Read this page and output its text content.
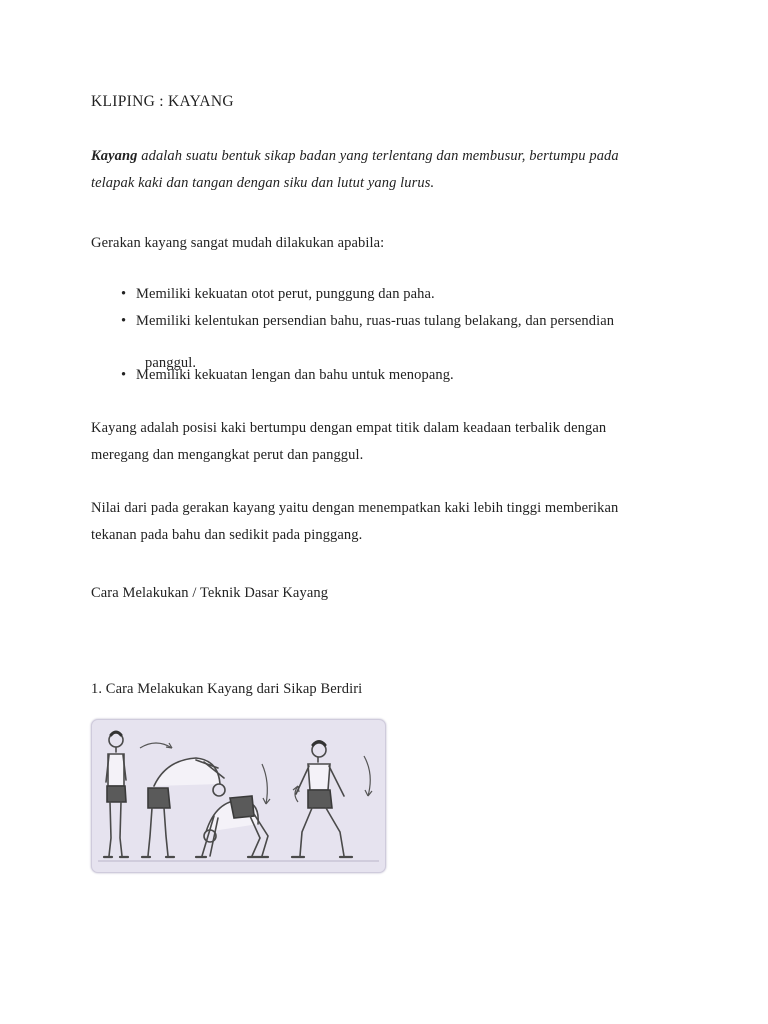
KLIPING : KAYANG

Kayang adalah suatu bentuk sikap badan yang terlentang dan membusur, bertumpu pada

telapak kaki dan tangan dengan siku dan lutut yang lurus.

Gerakan kayang sangat mudah dilakukan apabila:

• Memiliki kekuatan otot perut, punggung dan paha.
• Memiliki kelentukan persendian bahu, ruas-ruas tulang belakang, dan persendian
• Memiliki kekuatan lengan dan bahu untuk menopang.

panggul.

Kayang adalah posisi kaki bertumpu dengan empat titik dalam keadaan terbalik dengan

meregang dan mengangkat perut dan panggul.

Nilai dari pada gerakan kayang yaitu dengan menempatkan kaki lebih tinggi memberikan

tekanan pada bahu dan sedikit pada pinggang.

Cara Melakukan / Teknik Dasar Kayang

1. Cara Melakukan Kayang dari Sikap Berdiri
